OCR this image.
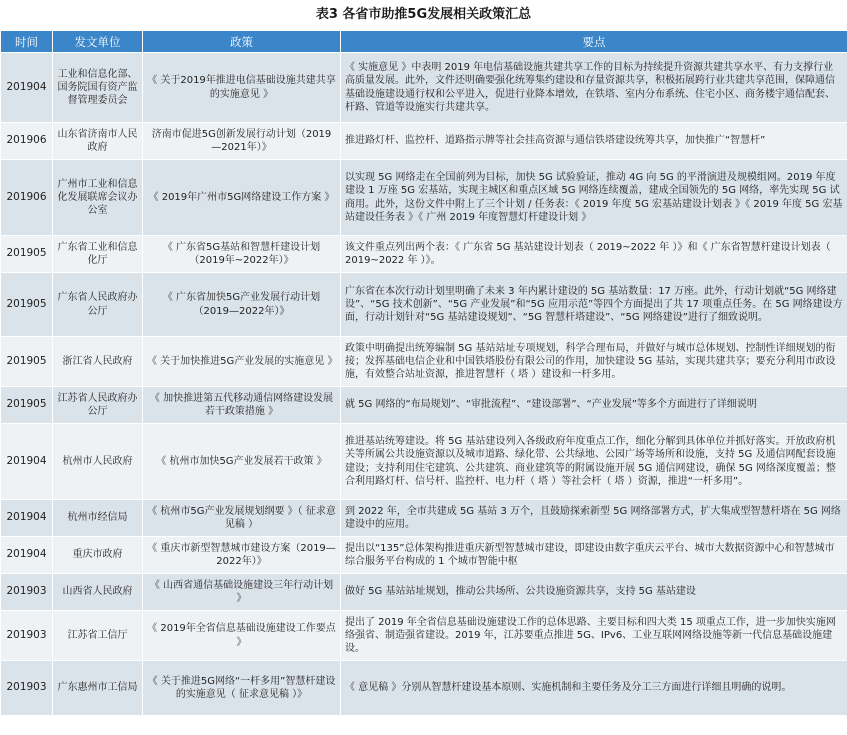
表3 各省市助推5G发展相关政策汇总
时间	发文单位	政策	要点
201904	工业和信息化部、国务院国有资产监督管理委员会	《 关于2019年推进电信基础设施共建共享的实施意见 》	《 实施意见 》中表明 2019 年电信基础设施共建共享工作的目标为持续提升资源共建共享水平、有力支撑行业高质量发展。此外，文件还明确要强化统筹集约建设和存量资源共享，积极拓展跨行业共建共享范围，保障通信基础设施建设通行权和公平进入，促进行业降本增效，在铁塔、室内分布系统、住宅小区、商务楼宇通信配套、杆路、管道等设施实行共建共享。
201906	山东省济南市人民政府	济南市促进5G创新发展行动计划（2019—2021年）》	推进路灯杆、监控杆、道路指示牌等社会挂高资源与通信铁塔建设统筹共享，加快推广“智慧杆”
201906	广州市工业和信息化发展联席会议办公室	《 2019年广州市5G网络建设工作方案 》	以实现 5G 网络走在全国前列为目标，加快 5G 试验验证，推动 4G 向 5G 的平滑演进及规模组网。2019 年度建设 1 万座 5G 宏基站，实现主城区和重点区域 5G 网络连续覆盖，建成全国领先的 5G 网络，率先实现 5G 试商用。此外，这份文件中附上了三个计划 / 任务表：《 2019 年度 5G 宏基站建设计划表 》《 2019 年度 5G 宏基站建设任务表 》《 广州 2019 年度智慧灯杆建设计划 》
201905	广东省工业和信息化厅	《 广东省5G基站和智慧杆建设计划（2019年~2022年）》	该文件重点列出两个表：《 广东省 5G 基站建设计划表（ 2019~2022 年 ）》和《 广东省智慧杆建设计划表（ 2019~2022 年 ）》。
201905	广东省人民政府办公厅	《 广东省加快5G产业发展行动计划（2019—2022年）》	广东省在本次行动计划里明确了未来 3 年内累计建设的 5G 基站数量：17 万座。此外，行动计划就“5G 网络建设”、“5G 技术创新”、“5G 产业发展”和“5G 应用示范”等四个方面提出了共 17 项重点任务。在 5G 网络建设方面，行动计划针对“5G 基站建设规划”、“5G 智慧杆塔建设”、“5G 网络建设”进行了细致说明。
201905	浙江省人民政府	《 关于加快推进5G产业发展的实施意见 》	政策中明确提出统筹编制 5G 基站站址专项规划，科学合理布局，并做好与城市总体规划、控制性详细规划的衔接；发挥基础电信企业和中国铁塔股份有限公司的作用，加快建设 5G 基站，实现共建共享；要充分利用市政设施，有效整合站址资源，推进智慧杆（ 塔 ）建设和一杆多用。
201905	江苏省人民政府办公厅	《 加快推进第五代移动通信网络建设发展若干政策措施 》	就 5G 网络的“布局规划”、“审批流程”、“建设部署”、“产业发展”等多个方面进行了详细说明
201904	杭州市人民政府	《 杭州市加快5G产业发展若干政策 》	推进基站统筹建设。将 5G 基站建设列入各级政府年度重点工作，细化分解到具体单位并抓好落实。开放政府机关等所属公共设施资源以及城市道路、绿化带、公共绿地、公园广场等场所和设施，支持 5G 及通信网配套设施建设；支持利用住宅建筑、公共建筑、商业建筑等的附属设施开展 5G 通信网建设，确保 5G 网络深度覆盖；整合利用路灯杆、信号杆、监控杆、电力杆（ 塔 ）等社会杆（ 塔 ）资源，推进“一杆多用”。
201904	杭州市经信局	《 杭州市5G产业发展规划纲要 》（ 征求意见稿 ）	到 2022 年，全市共建成 5G 基站 3 万个，且鼓励探索新型 5G 网络部署方式，扩大集成型智慧杆塔在 5G 网络建设中的应用。
201904	重庆市政府	《 重庆市新型智慧城市建设方案（2019—2022年）》	提出以“135”总体架构推进重庆新型智慧城市建设，即建设由数字重庆云平台、城市大数据资源中心和智慧城市综合服务平台构成的 1 个城市智能中枢
201903	山西省人民政府	《 山西省通信基础设施建设三年行动计划 》	做好 5G 基站站址规划，推动公共场所、公共设施资源共享，支持 5G 基站建设
201903	江苏省工信厅	《 2019年全省信息基础设施建设工作要点 》	提出了 2019 年全省信息基础设施建设工作的总体思路、主要目标和四大类 15 项重点工作，进一步加快实施网络强省、制造强省建设。2019 年，江苏要重点推进 5G、IPv6、工业互联网网络设施等新一代信息基础设施建设。
201903	广东惠州市工信局	《 关于推进5G网络“一杆多用”智慧杆建设的实施意见（ 征求意见稿 ）》	《 意见稿 》分别从智慧杆建设基本原则、实施机制和主要任务及分工三方面进行详细且明确的说明。
